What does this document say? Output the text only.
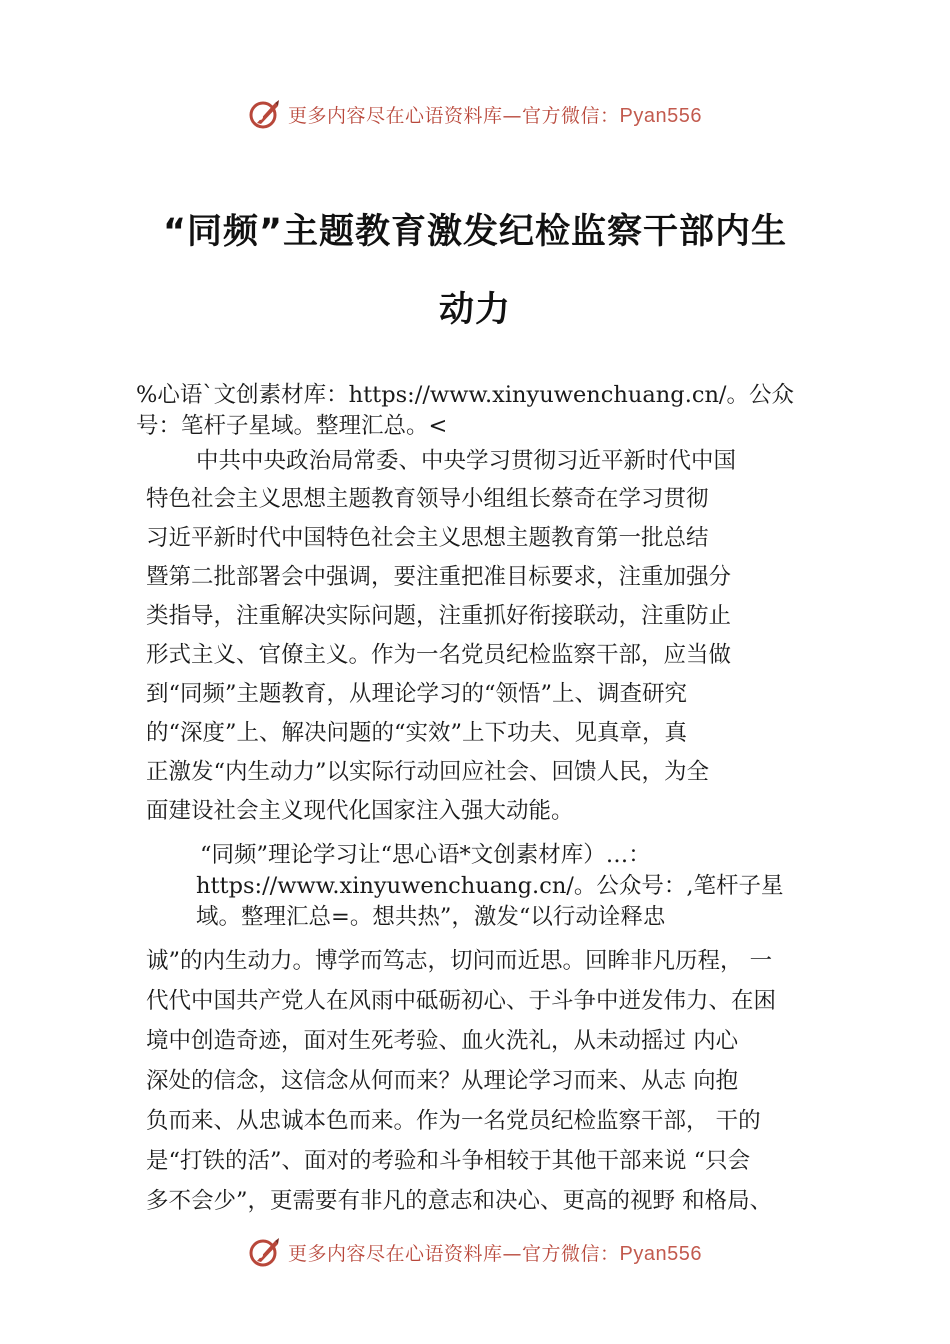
更多内容尽在心语资料库—官方微信：Pyan556
“同频”主题教育激发纪检监察干部内生
动力
%心语`文创素材库：https://www.xinyuwenchuang.cn/。公众
号：笔杆子星域。整理汇总。<
中共中央政治局常委、中央学习贯彻习近平新时代中国
特色社会主义思想主题教育领导小组组长蔡奇在学习贯彻
习近平新时代中国特色社会主义思想主题教育第一批总结
暨第二批部署会中强调，要注重把准目标要求，注重加强分
类指导，注重解决实际问题，注重抓好衔接联动，注重防止
形式主义、官僚主义。作为一名党员纪检监察干部，应当做
到“同频”主题教育，从理论学习的“领悟”上、调查研究
的“深度”上、解决问题的“实效”上下功夫、见真章，真
正激发“内生动力”以实际行动回应社会、回馈人民，为全
面建设社会主义现代化国家注入强大动能。
“同频”理论学习让“思心语*文创素材库）…：
https://www.xinyuwenchuang.cn/。公众号：,笔杆子星
域。整理汇总=。想共热”，激发“以行动诠释忠
诚”的内生动力。博学而笃志，切问而近思。回眸非凡历程， 一
代代中国共产党人在风雨中砥砺初心、于斗争中迸发伟力、在困
境中创造奇迹，面对生死考验、血火洗礼，从未动摇过 内心
深处的信念，这信念从何而来？从理论学习而来、从志 向抱
负而来、从忠诚本色而来。作为一名党员纪检监察干部， 干的
是“打铁的活”、面对的考验和斗争相较于其他干部来说 “只会
多不会少”，更需要有非凡的意志和决心、更高的视野 和格局、
更多内容尽在心语资料库—官方微信：Pyan556
